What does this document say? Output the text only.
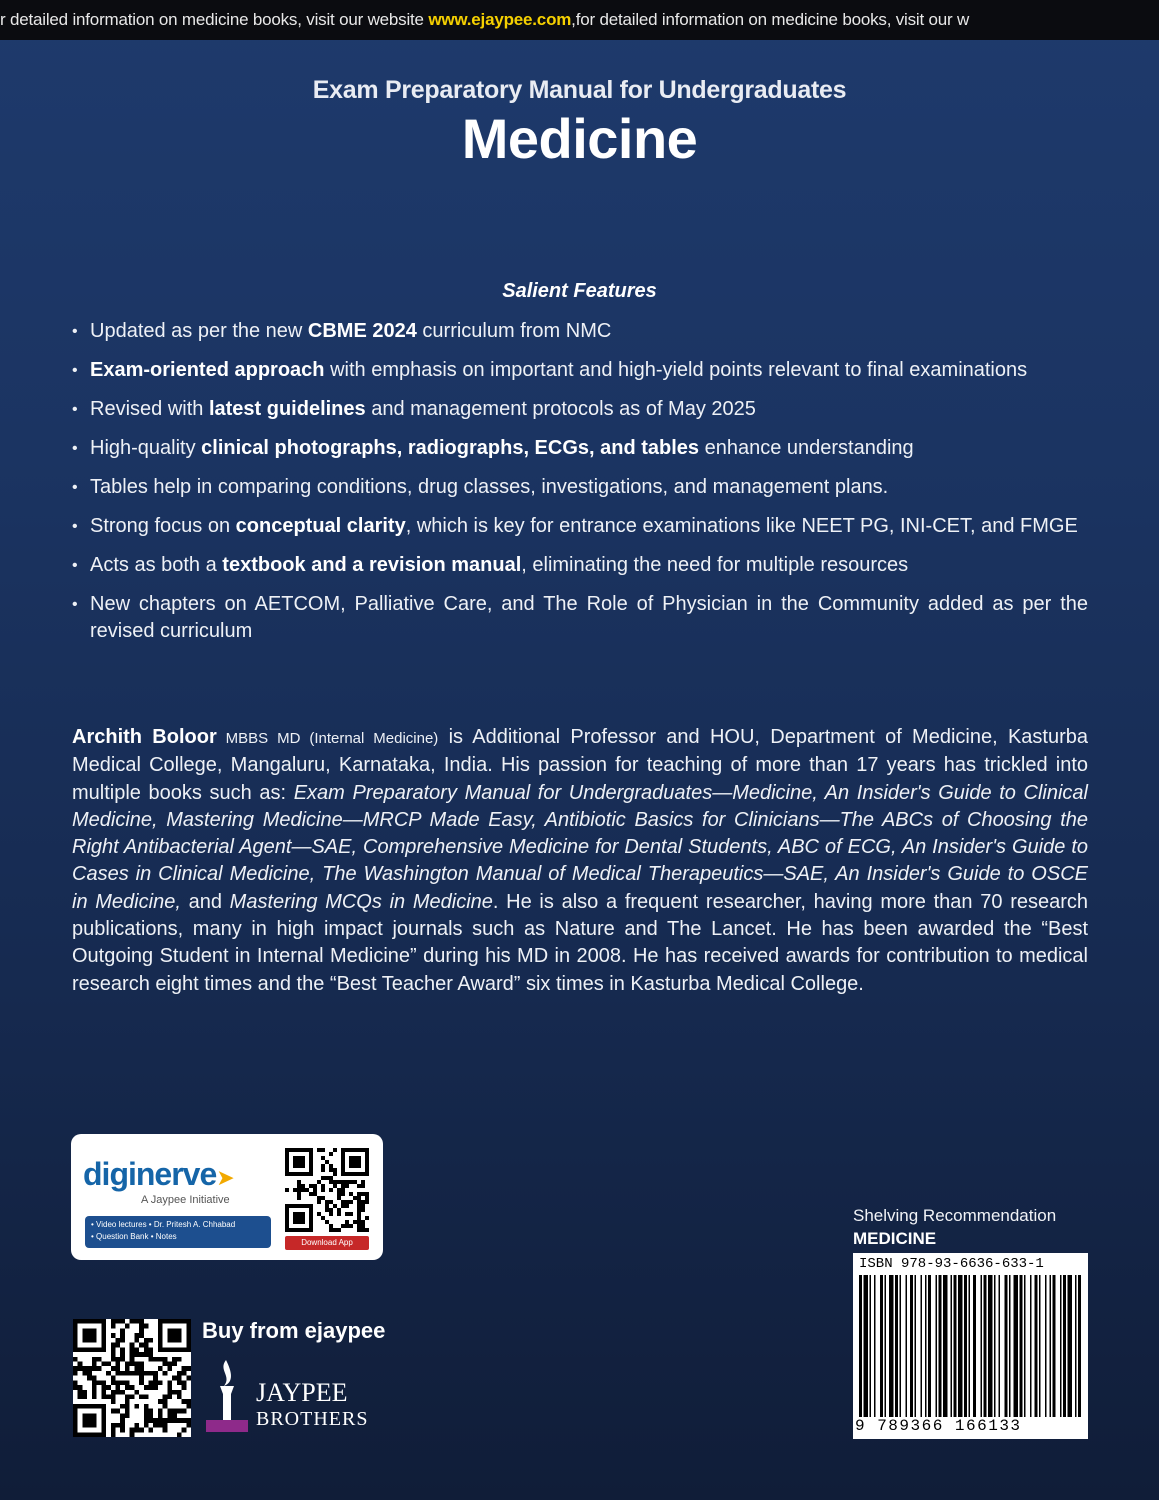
r detailed information on medicine books, visit our website www.ejaypee.com,for detailed information on medicine books, visit our w
Exam Preparatory Manual for Undergraduates
Medicine
Salient Features
• Updated as per the new CBME 2024 curriculum from NMC
• Exam-oriented approach with emphasis on important and high-yield points relevant to final examinations
• Revised with latest guidelines and management protocols as of May 2025
• High-quality clinical photographs, radiographs, ECGs, and tables enhance understanding
• Tables help in comparing conditions, drug classes, investigations, and management plans.
• Strong focus on conceptual clarity, which is key for entrance examinations like NEET PG, INI-CET, and FMGE
• Acts as both a textbook and a revision manual, eliminating the need for multiple resources
• New chapters on AETCOM, Palliative Care, and The Role of Physician in the Community added as per the revised curriculum

Archith Boloor MBBS MD (Internal Medicine) is Additional Professor and HOU, Department of Medicine, Kasturba Medical College, Mangaluru, Karnataka, India. His passion for teaching of more than 17 years has trickled into multiple books such as: Exam Preparatory Manual for Undergraduates—Medicine, An Insider's Guide to Clinical Medicine, Mastering Medicine—MRCP Made Easy, Antibiotic Basics for Clinicians—The ABCs of Choosing the Right Antibacterial Agent—SAE, Comprehensive Medicine for Dental Students, ABC of ECG, An Insider's Guide to Cases in Clinical Medicine, The Washington Manual of Medical Therapeutics—SAE, An Insider's Guide to OSCE in Medicine, and Mastering MCQs in Medicine. He is also a frequent researcher, having more than 70 research publications, many in high impact journals such as Nature and The Lancet. He has been awarded the “Best Outgoing Student in Internal Medicine” during his MD in 2008. He has received awards for contribution to medical research eight times and the “Best Teacher Award” six times in Kasturba Medical College.

diginerve➤
A Jaypee Initiative
• Video lectures • Dr. Pritesh A. Chhabad
• Question Bank • Notes
Download App
Buy from ejaypee
JAYPEE
BROTHERS
Shelving Recommendation
MEDICINE
ISBN 978-93-6636-633-1
9 789366 166133
